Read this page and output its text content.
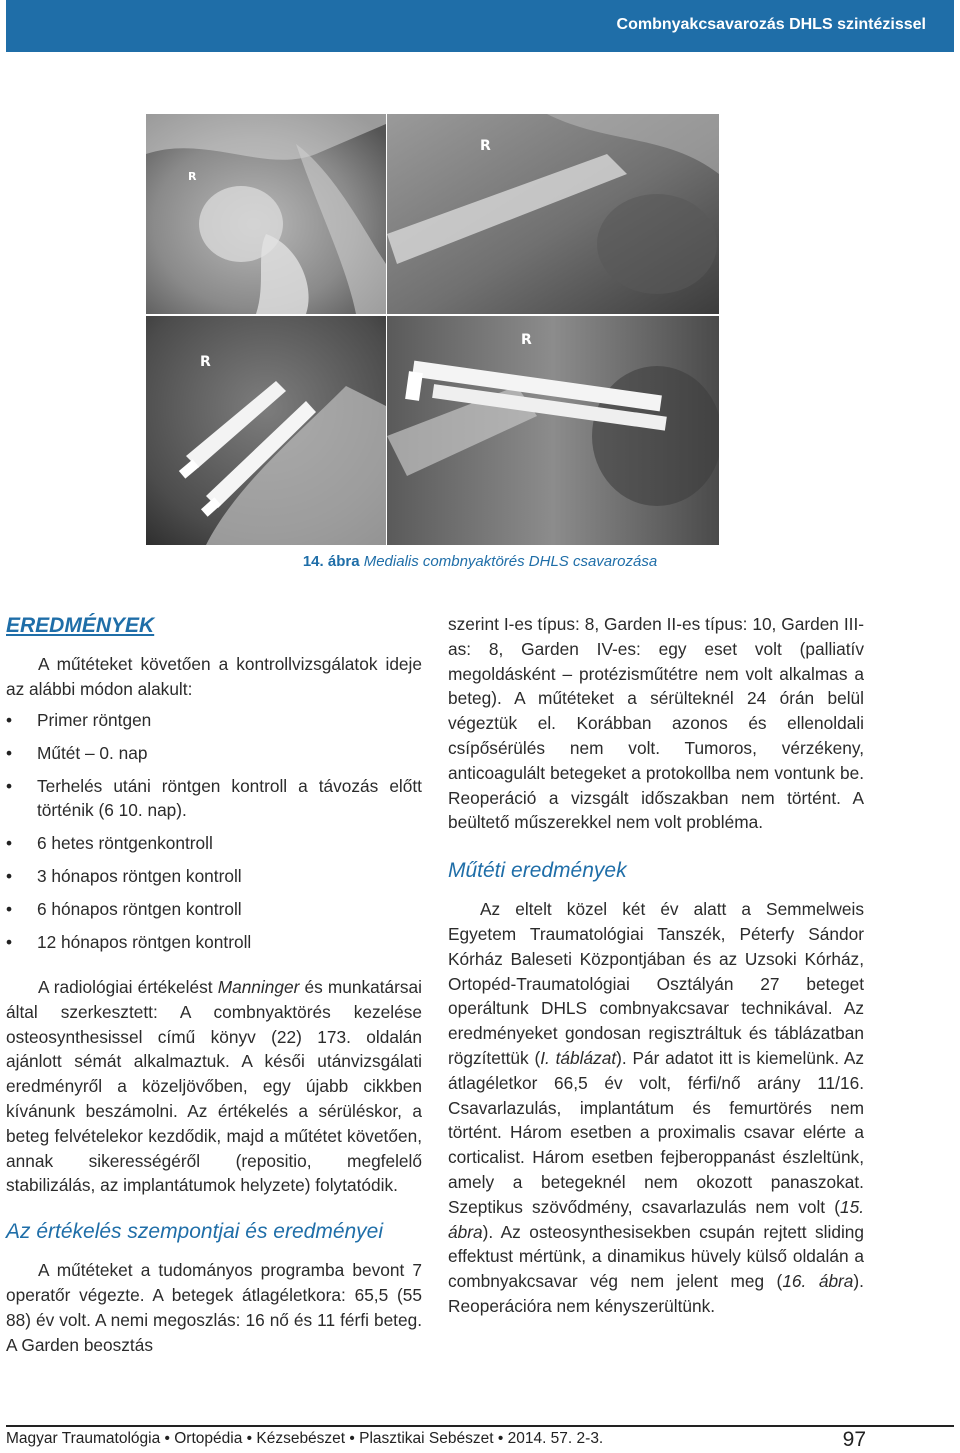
Combnyakcsavarozás DHLS szintézissel
R
R
R
R
14. ábra Medialis combnyaktörés DHLS csavarozása
EREDMÉNYEK

A műtéteket követően a kontrollvizsgálatok ideje az alábbi módon alakult:

• Primer röntgen
• Műtét – 0. nap
• Terhelés utáni röntgen kontroll a távozás előtt történik (6 10. nap).
• 6 hetes röntgenkontroll
• 3 hónapos röntgen kontroll
• 6 hónapos röntgen kontroll
• 12 hónapos röntgen kontroll

A radiológiai értékelést Manninger és munkatársai által szerkesztett: A combnyaktörés kezelése osteosynthesissel című könyv (22) 173. oldalán ajánlott sémát alkalmaztuk. A késői utánvizsgálati eredményről a közeljövőben, egy újabb cikkben kívánunk beszámolni. Az értékelés a sérüléskor, a beteg felvételekor kezdődik, majd a műtétet követően, annak sikerességéről (repositio, megfelelő stabilizálás, az implantátumok helyzete) folytatódik.

Az értékelés szempontjai és eredményei

A műtéteket a tudományos programba bevont 7 operatőr végezte. A betegek átlagéletkora: 65,5 (55 88) év volt. A nemi megoszlás: 16 nő és 11 férfi beteg. A Garden beosztás

szerint I-es típus: 8, Garden II-es típus: 10, Garden III-as: 8, Garden IV-es: egy eset volt (palliatív megoldásként – protézisműtétre nem volt alkalmas a beteg). A műtéteket a sérülteknél 24 órán belül végeztük el. Korábban azonos és ellenoldali csípősérülés nem volt. Tumoros, vérzékeny, anticoagulált betegeket a protokollba nem vontunk be. Reoperáció a vizsgált időszakban nem történt. A beültető műszerekkel nem volt probléma.

Műtéti eredmények

Az eltelt közel két év alatt a Semmelweis Egyetem Traumatológiai Tanszék, Péterfy Sándor Kórház Baleseti Központjában és az Uzsoki Kórház, Ortopéd-Traumatológiai Osztályán 27 beteget operáltunk DHLS combnyakcsavar technikával. Az eredményeket gondosan regisztráltuk és táblázatban rögzítettük (I. táblázat). Pár adatot itt is kiemelünk. Az átlagéletkor 66,5 év volt, férfi/nő arány 11/16. Csavarlazulás, implantátum és femurtörés nem történt. Három esetben a proximalis csavar elérte a corticalist. Három esetben fejberoppanást észleltünk, amely a betegeknél nem okozott panaszokat. Szeptikus szövődmény, csavarlazulás nem volt (15. ábra). Az osteosynthesisekben csupán rejtett sliding effektust mértünk, a dinamikus hüvely külső oldalán a combnyakcsavar vég nem jelent meg (16. ábra). Reoperációra nem kényszerültünk.

Magyar Traumatológia • Ortopédia • Kézsebészet • Plasztikai Sebészet • 2014. 57. 2-3.	97
